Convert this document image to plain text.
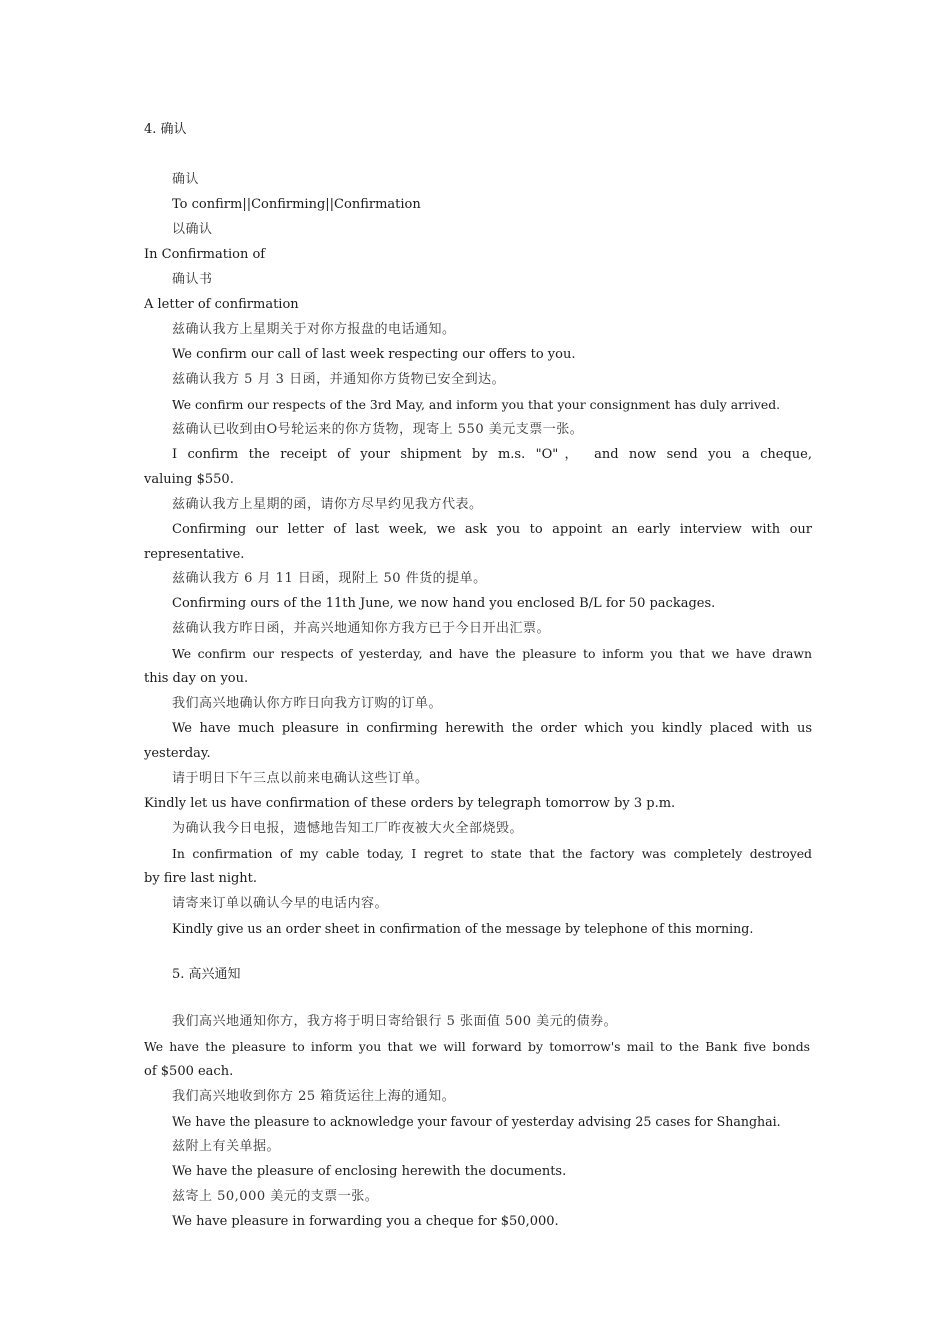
4. 确认
确认
To confirm||Confirming||Confirmation
以确认
In Confirmation of
确认书
A letter of confirmation
兹确认我方上星期关于对你方报盘的电话通知。
We confirm our call of last week respecting our offers to you.
兹确认我方 5 月 3 日函，并通知你方货物已安全到达。
We confirm our respects of the 3rd May, and inform you that your consignment has duly arrived.
兹确认已收到由O号轮运来的你方货物，现寄上 550 美元支票一张。
I confirm the receipt of your shipment by m.s. "O"， and now send you a cheque,
valuing $550.
兹确认我方上星期的函，请你方尽早约见我方代表。
Confirming our letter of last week, we ask you to appoint an early interview with our
representative.
兹确认我方 6 月 11 日函，现附上 50 件货的提单。
Confirming ours of the 11th June, we now hand you enclosed B/L for 50 packages.
兹确认我方昨日函，并高兴地通知你方我方已于今日开出汇票。
We confirm our respects of yesterday, and have the pleasure to inform you that we have drawn
this day on you.
我们高兴地确认你方昨日向我方订购的订单。
We have much pleasure in confirming herewith the order which you kindly placed with us
yesterday.
请于明日下午三点以前来电确认这些订单。
Kindly let us have confirmation of these orders by telegraph tomorrow by 3 p.m.
为确认我今日电报，遗憾地告知工厂昨夜被大火全部烧毁。
In confirmation of my cable today, I regret to state that the factory was completely destroyed
by fire last night.
请寄来订单以确认今早的电话内容。
Kindly give us an order sheet in confirmation of the message by telephone of this morning.
5. 高兴通知
我们高兴地通知你方，我方将于明日寄给银行 5 张面值 500 美元的债券。
We have the pleasure to inform you that we will forward by tomorrow's mail to the Bank five bonds
of $500 each.
我们高兴地收到你方 25 箱货运往上海的通知。
We have the pleasure to acknowledge your favour of yesterday advising 25 cases for Shanghai.
兹附上有关单据。
We have the pleasure of enclosing herewith the documents.
兹寄上 50,000 美元的支票一张。
We have pleasure in forwarding you a cheque for $50,000.
